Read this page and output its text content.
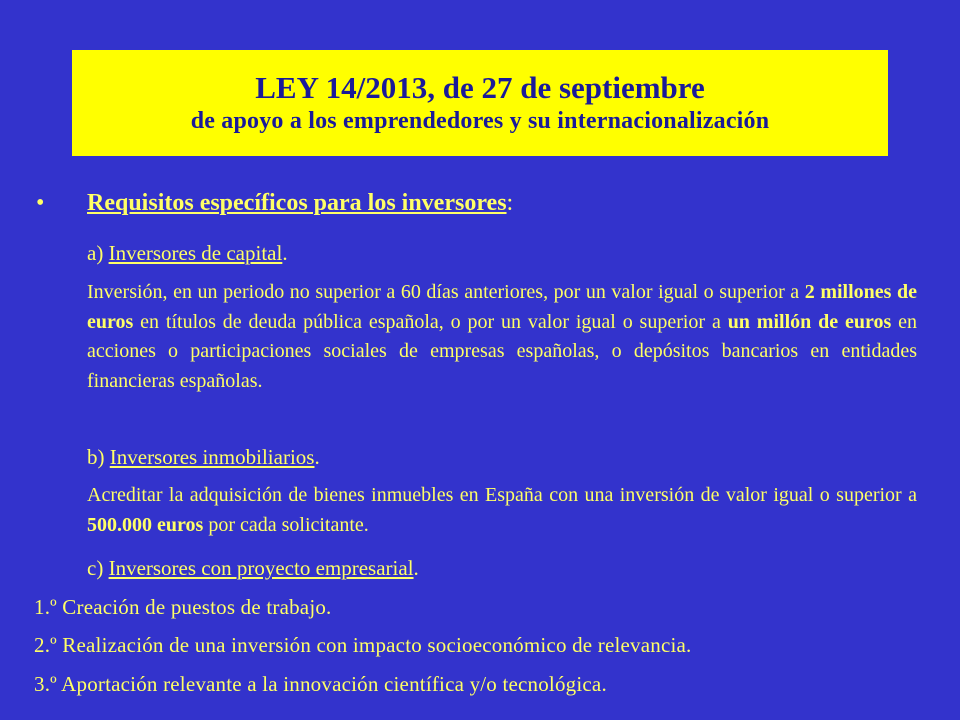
LEY 14/2013, de 27 de septiembre
de apoyo a los emprendedores y su internacionalización
• Requisitos específicos para los inversores:
a) Inversores de capital.
Inversión, en un periodo no superior a 60 días anteriores, por un valor igual o superior a 2 millones de euros en títulos de deuda pública española, o por un valor igual o superior a un millón de euros en acciones o participaciones sociales de empresas españolas, o depósitos bancarios en entidades financieras españolas.
b) Inversores inmobiliarios.
Acreditar la adquisición de bienes inmuebles en España con una inversión de valor igual o superior a 500.000 euros por cada solicitante.
c) Inversores con proyecto empresarial.
1.º Creación de puestos de trabajo.
2.º Realización de una inversión con impacto socioeconómico de relevancia.
3.º Aportación relevante a la innovación científica y/o tecnológica.
